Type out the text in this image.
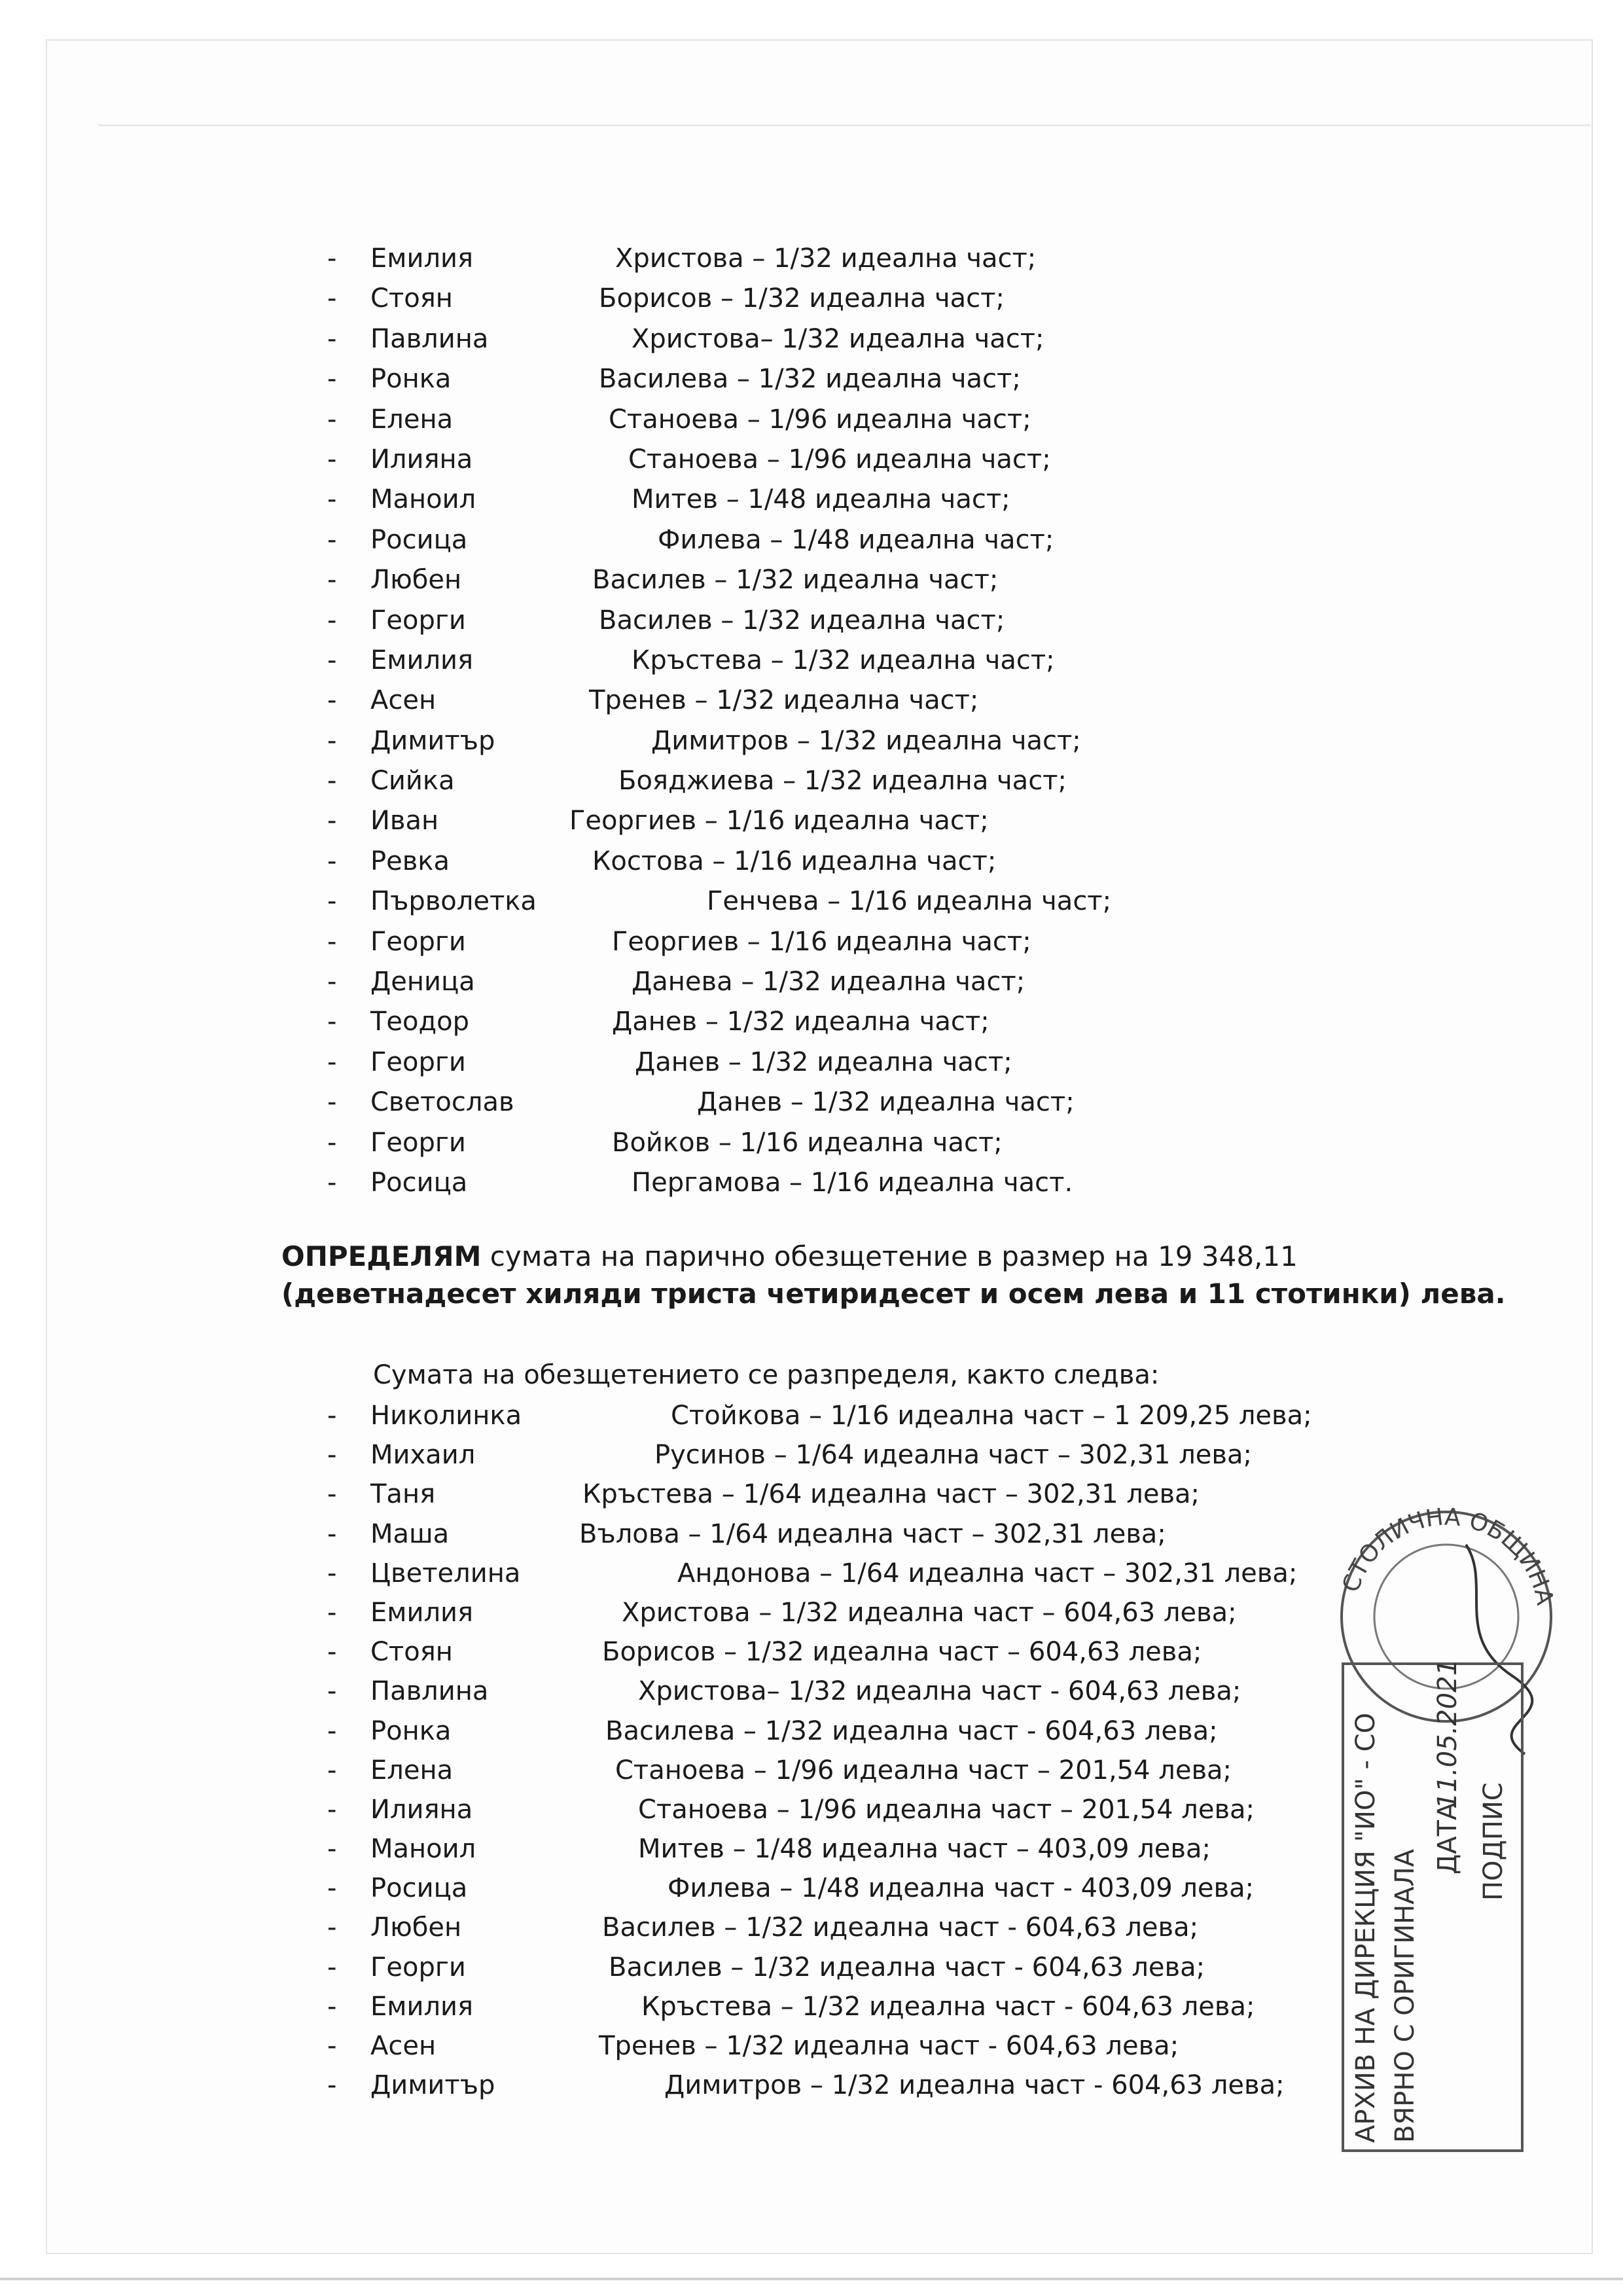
- Емилия	Христова – 1/32 идеална част;
- Стоян	Борисов – 1/32 идеална част;
- Павлина	Христова– 1/32 идеална част;
- Ронка	Василева – 1/32 идеална част;
- Елена	Станоева – 1/96 идеална част;
- Илияна	Станоева – 1/96 идеална част;
- Маноил	Митев – 1/48 идеална част;
- Росица	Филева – 1/48 идеална част;
- Любен	Василев – 1/32 идеална част;
- Георги	Василев – 1/32 идеална част;
- Емилия	Кръстева – 1/32 идеална част;
- Асен	Тренев – 1/32 идеална част;
- Димитър	Димитров – 1/32 идеална част;
- Сийка	Бояджиева – 1/32 идеална част;
- Иван	Георгиев – 1/16 идеална част;
- Ревка	Костова – 1/16 идеална част;
- Първолетка	Генчева – 1/16 идеална част;
- Георги	Георгиев – 1/16 идеална част;
- Деница	Данева – 1/32 идеална част;
- Теодор	Данев – 1/32 идеална част;
- Георги	Данев – 1/32 идеална част;
- Светослав	Данев – 1/32 идеална част;
- Георги	Войков – 1/16 идеална част;
- Росица	Пергамова – 1/16 идеална част.
ОПРЕДЕЛЯМ сумата на парично обезщетение в размер на 19 348,11
(деветнадесет хиляди триста четиридесет и осем лева и 11 стотинки) лева.
Сумата на обезщетението се разпределя, както следва:
- Николинка	Стойкова – 1/16 идеална част – 1 209,25 лева;
- Михаил	Русинов – 1/64 идеална част – 302,31 лева;
- Таня	Кръстева – 1/64 идеална част – 302,31 лева;
- Маша	Вълова – 1/64 идеална част – 302,31 лева;
- Цветелина	Андонова – 1/64 идеална част – 302,31 лева;
- Емилия	Христова – 1/32 идеална част – 604,63 лева;
- Стоян	Борисов – 1/32 идеална част – 604,63 лева;
- Павлина	Христова– 1/32 идеална част - 604,63 лева;
- Ронка	Василева – 1/32 идеална част - 604,63 лева;
- Елена	Станоева – 1/96 идеална част – 201,54 лева;
- Илияна	Станоева – 1/96 идеална част – 201,54 лева;
- Маноил	Митев – 1/48 идеална част – 403,09 лева;
- Росица	Филева – 1/48 идеална част - 403,09 лева;
- Любен	Василев – 1/32 идеална част - 604,63 лева;
- Георги	Василев – 1/32 идеална част - 604,63 лева;
- Емилия	Кръстева – 1/32 идеална част - 604,63 лева;
- Асен	Тренев – 1/32 идеална част - 604,63 лева;
- Димитър	Димитров – 1/32 идеална част - 604,63 лева;
СТОЛИЧНА ОБЩИНА
АРХИВ НА ДИРЕКЦИЯ "ИО" - СО ВЯРНО С ОРИГИНАЛА
ДАТА
11.05.2021
ПОДПИС
